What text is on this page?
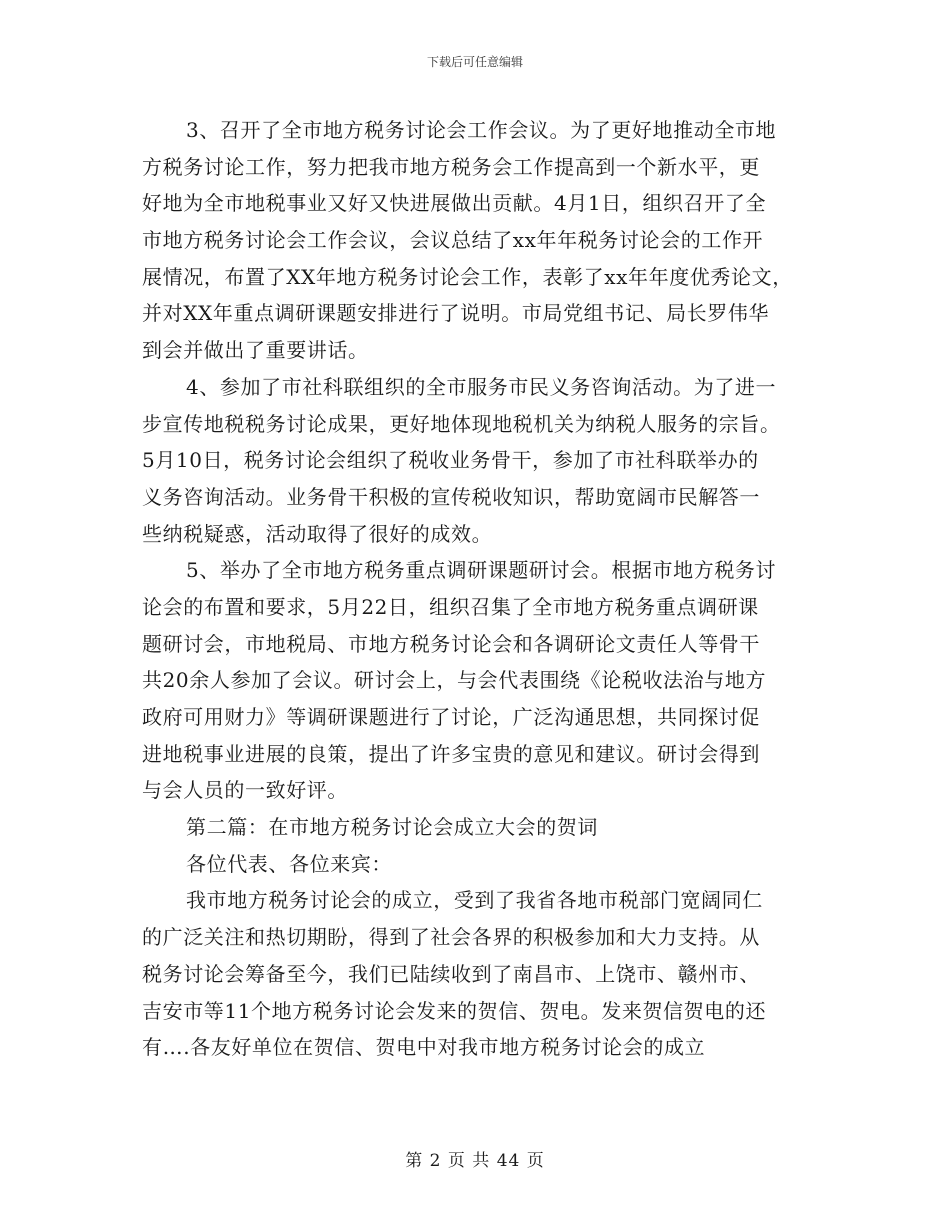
下载后可任意编辑
3、召开了全市地方税务讨论会工作会议。为了更好地推动全市地
方税务讨论工作，努力把我市地方税务会工作提高到一个新水平，更
好地为全市地税事业又好又快进展做出贡献。4月1日，组织召开了全
市地方税务讨论会工作会议，会议总结了xx年年税务讨论会的工作开
展情况，布置了XX年地方税务讨论会工作，表彰了xx年年度优秀论文，
并对XX年重点调研课题安排进行了说明。市局党组书记、局长罗伟华
到会并做出了重要讲话。
4、参加了市社科联组织的全市服务市民义务咨询活动。为了进一
步宣传地税税务讨论成果，更好地体现地税机关为纳税人服务的宗旨。
5月10日，税务讨论会组织了税收业务骨干，参加了市社科联举办的
义务咨询活动。业务骨干积极的宣传税收知识，帮助宽阔市民解答一
些纳税疑惑，活动取得了很好的成效。
5、举办了全市地方税务重点调研课题研讨会。根据市地方税务讨
论会的布置和要求，5月22日，组织召集了全市地方税务重点调研课
题研讨会，市地税局、市地方税务讨论会和各调研论文责任人等骨干
共20余人参加了会议。研讨会上，与会代表围绕《论税收法治与地方
政府可用财力》等调研课题进行了讨论，广泛沟通思想，共同探讨促
进地税事业进展的良策，提出了许多宝贵的意见和建议。研讨会得到
与会人员的一致好评。
第二篇：在市地方税务讨论会成立大会的贺词
各位代表、各位来宾：
我市地方税务讨论会的成立，受到了我省各地市税部门宽阔同仁
的广泛关注和热切期盼，得到了社会各界的积极参加和大力支持。从
税务讨论会筹备至今，我们已陆续收到了南昌市、上饶市、赣州市、
吉安市等11个地方税务讨论会发来的贺信、贺电。发来贺信贺电的还
有….各友好单位在贺信、贺电中对我市地方税务讨论会的成立
第 2 页 共 44 页
